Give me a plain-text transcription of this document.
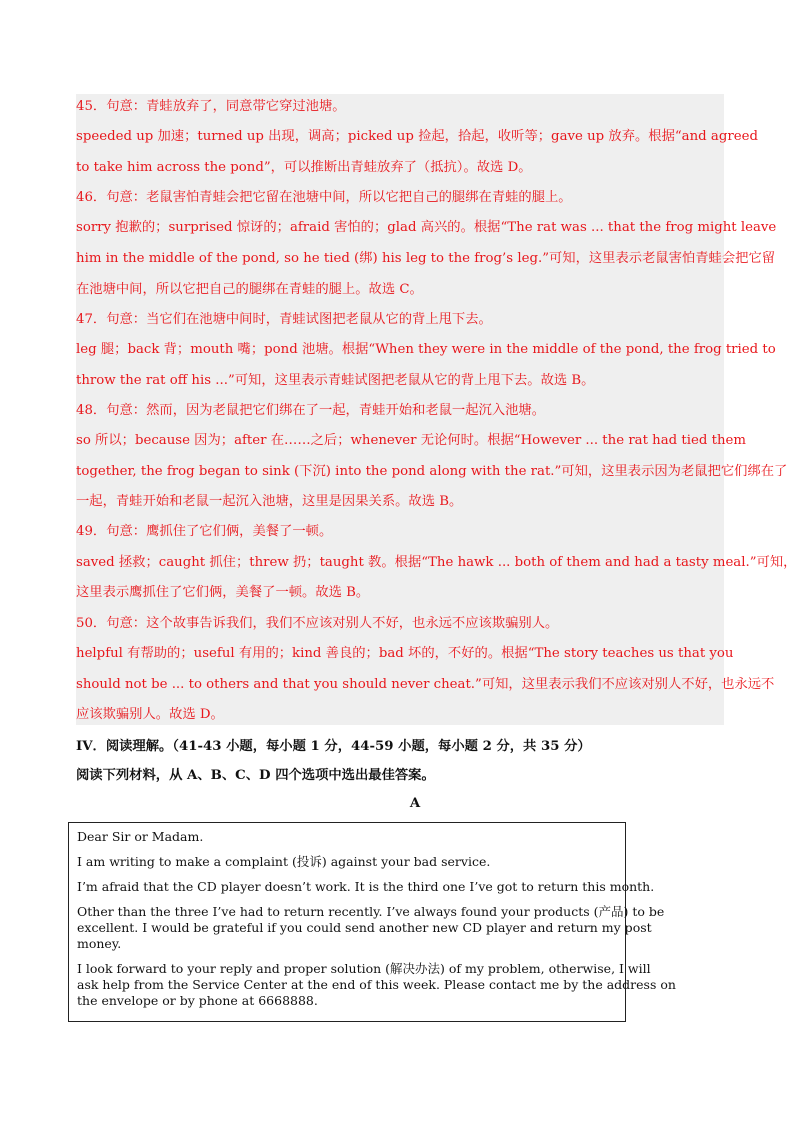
45．句意：青蛙放弃了，同意带它穿过池塘。
speeded up 加速；turned up 出现，调高；picked up 捡起，拾起，收听等；gave up 放弃。根据“and agreed
to take him across the pond”，可以推断出青蛙放弃了（抵抗）。故选 D。
46．句意：老鼠害怕青蛙会把它留在池塘中间，所以它把自己的腿绑在青蛙的腿上。
sorry 抱歉的；surprised 惊讶的；afraid 害怕的；glad 高兴的。根据“The rat was ... that the frog might leave
him in the middle of the pond, so he tied (绑) his leg to the frog’s leg.”可知，这里表示老鼠害怕青蛙会把它留
在池塘中间，所以它把自己的腿绑在青蛙的腿上。故选 C。
47．句意：当它们在池塘中间时，青蛙试图把老鼠从它的背上甩下去。
leg 腿；back 背；mouth 嘴；pond 池塘。根据“When they were in the middle of the pond, the frog tried to
throw the rat off his ...”可知，这里表示青蛙试图把老鼠从它的背上甩下去。故选 B。
48．句意：然而，因为老鼠把它们绑在了一起，青蛙开始和老鼠一起沉入池塘。
so 所以；because 因为；after 在……之后；whenever 无论何时。根据“However ... the rat had tied them
together, the frog began to sink (下沉) into the pond along with the rat.”可知，这里表示因为老鼠把它们绑在了
一起，青蛙开始和老鼠一起沉入池塘，这里是因果关系。故选 B。
49．句意：鹰抓住了它们俩，美餐了一顿。
saved 拯救；caught 抓住；threw 扔；taught 教。根据“The hawk ... both of them and had a tasty meal.”可知，
这里表示鹰抓住了它们俩，美餐了一顿。故选 B。
50．句意：这个故事告诉我们，我们不应该对别人不好，也永远不应该欺骗别人。
helpful 有帮助的；useful 有用的；kind 善良的；bad 坏的，不好的。根据“The story teaches us that you
should not be ... to others and that you should never cheat.”可知，这里表示我们不应该对别人不好，也永远不
应该欺骗别人。故选 D。
IV．阅读理解。（41-43 小题，每小题 1 分，44-59 小题，每小题 2 分，共 35 分）
阅读下列材料，从 A、B、C、D 四个选项中选出最佳答案。
A
Dear Sir or Madam.
I am writing to make a complaint (投诉) against your bad service.
I’m afraid that the CD player doesn’t work. It is the third one I’ve got to return this month.
Other than the three I’ve had to return recently. I’ve always found your products (产品) to be
excellent. I would be grateful if you could send another new CD player and return my post
money.
I look forward to your reply and proper solution (解决办法) of my problem, otherwise, I will
ask help from the Service Center at the end of this week. Please contact me by the address on
the envelope or by phone at 6668888.
